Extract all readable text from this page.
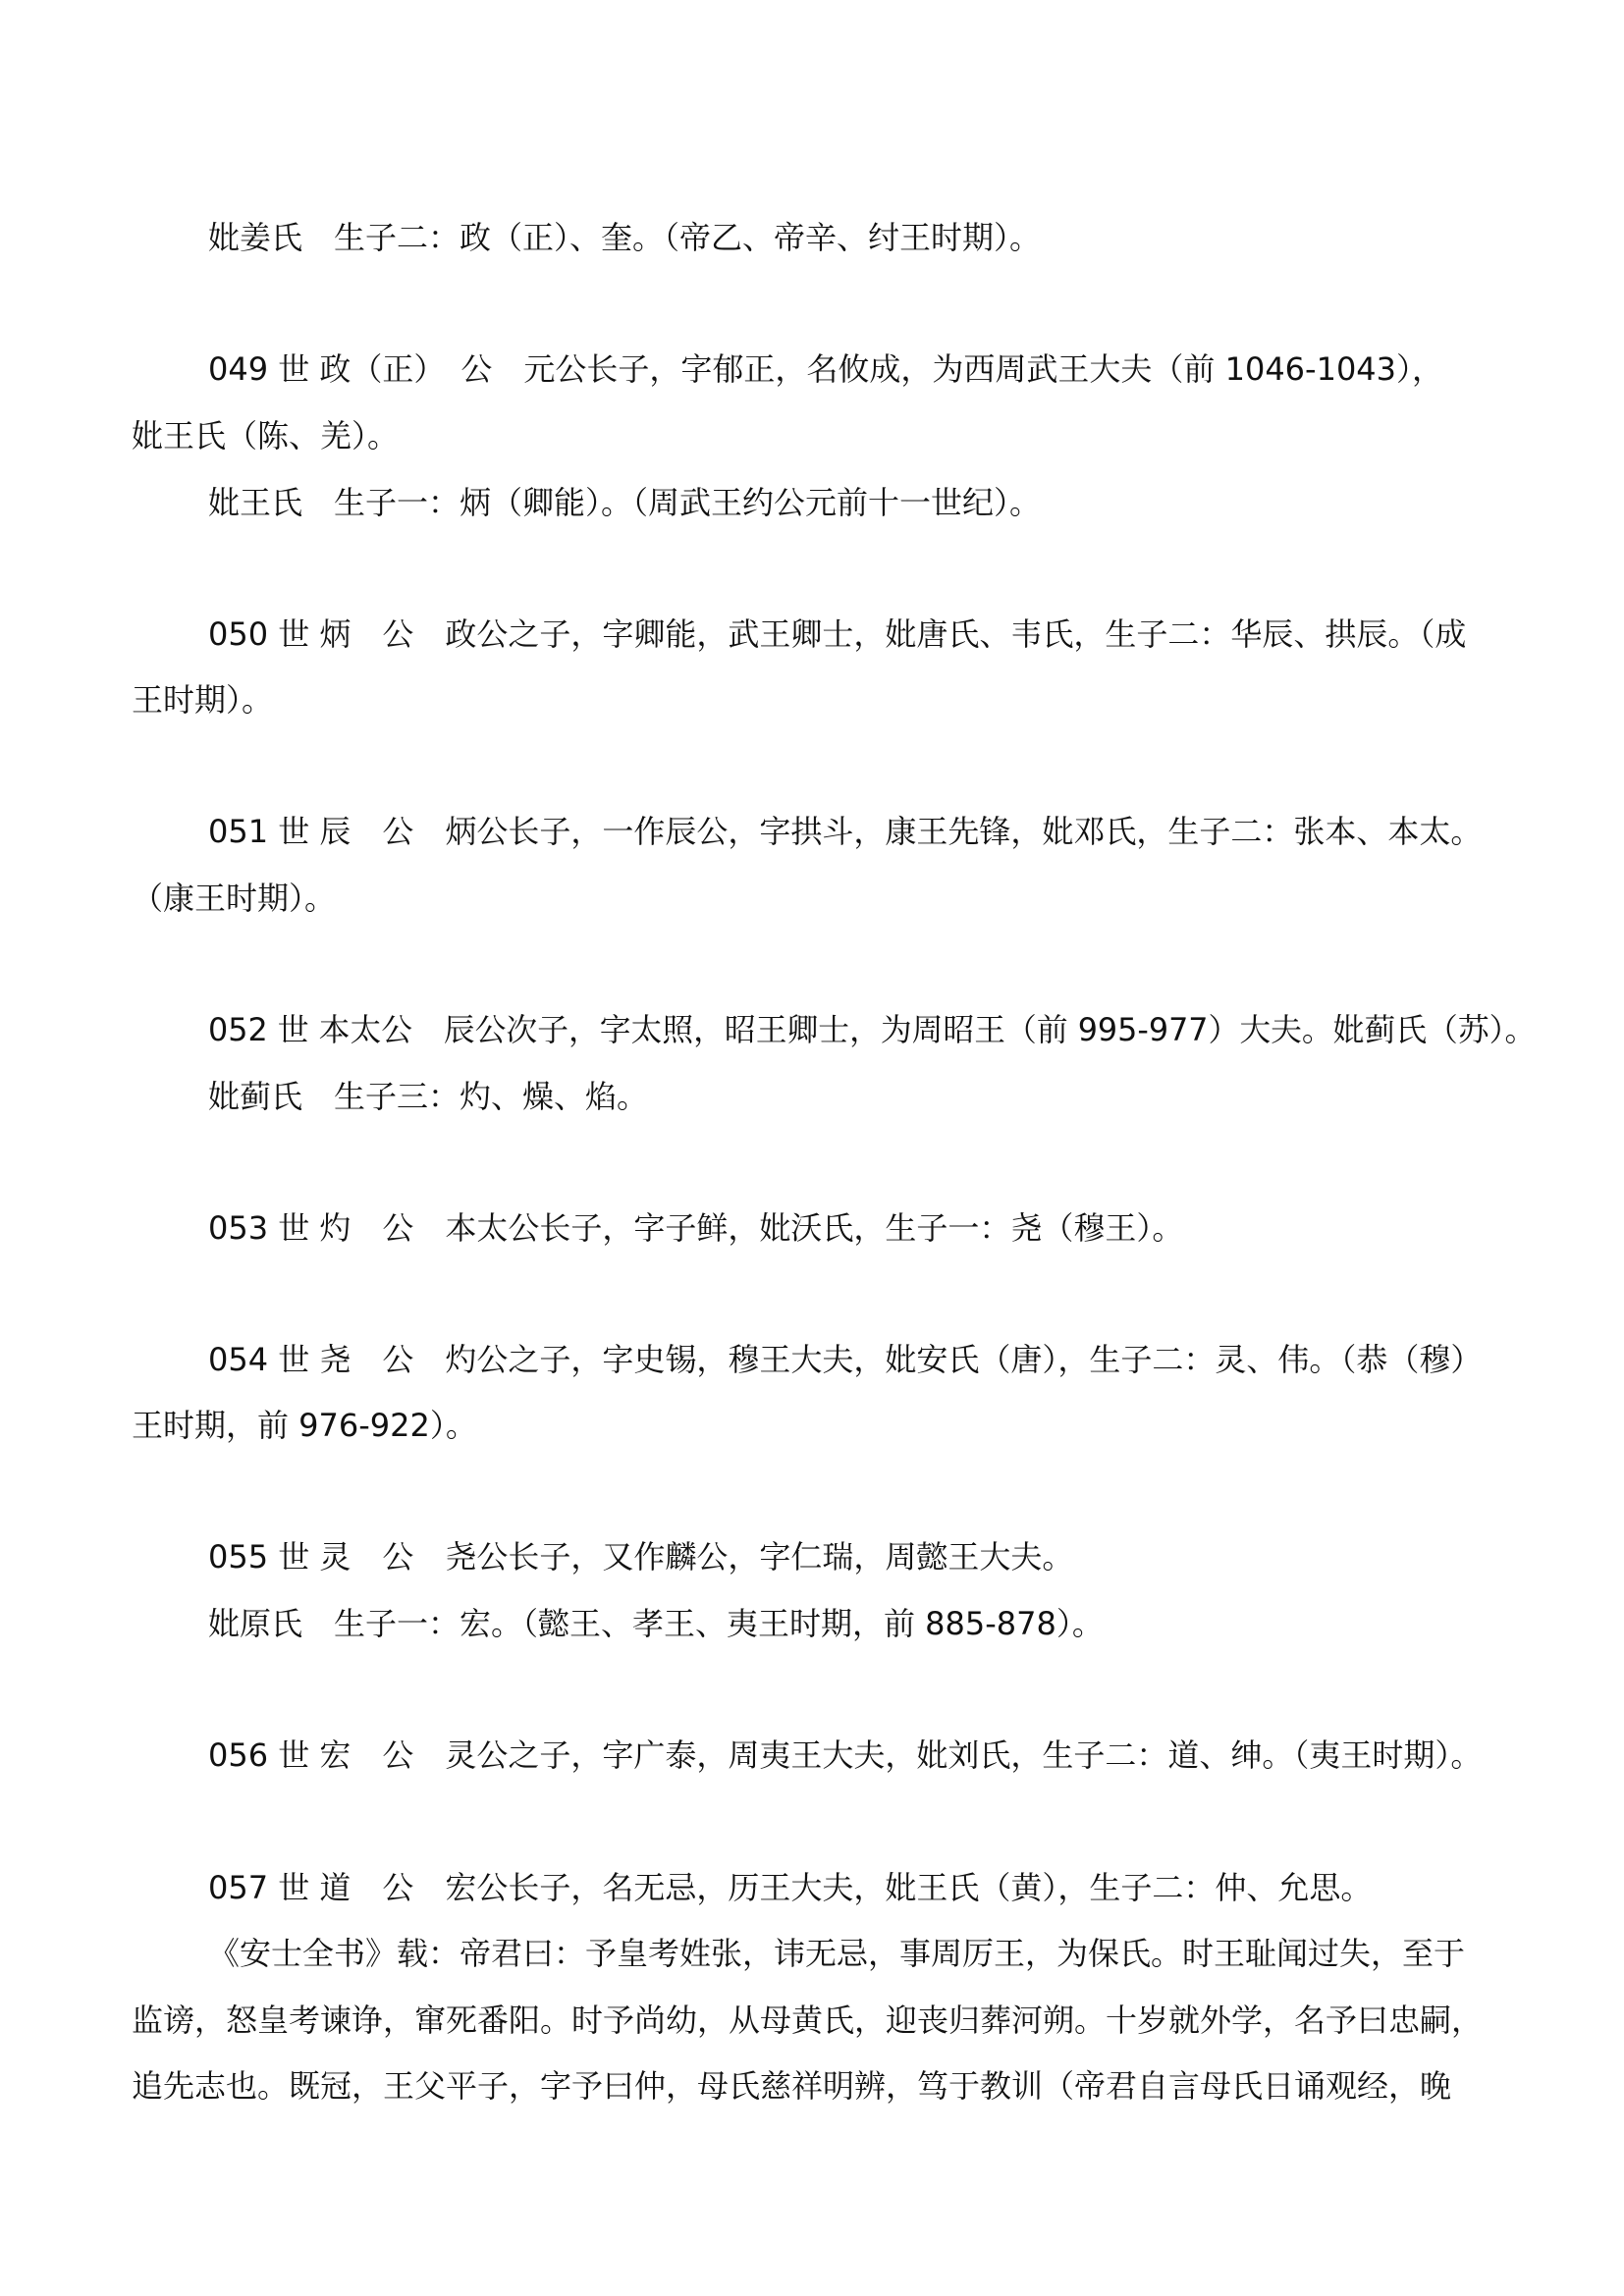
妣姜氏　生子二：政（正）、奎。（帝乙、帝辛、纣王时期）。
049 世 政（正）　公　元公长子，字郁正，名攸成，为西周武王大夫（前 1046-1043），
妣王氏（陈、羌）。
妣王氏　生子一：炳（卿能）。（周武王约公元前十一世纪）。
050 世 炳　公　政公之子，字卿能，武王卿士，妣唐氏、韦氏，生子二：华辰、拱辰。（成
王时期）。
051 世 辰　公　炳公长子，一作辰公，字拱斗，康王先锋，妣邓氏，生子二：张本、本太。
（康王时期）。
052 世 本太公　辰公次子，字太照，昭王卿士，为周昭王（前 995-977）大夫。妣蓟氏（苏）。
妣蓟氏　生子三：灼、燥、焰。
053 世 灼　公　本太公长子，字子鲜，妣沃氏，生子一：尧（穆王）。
054 世 尧　公　灼公之子，字史锡，穆王大夫，妣安氏（唐），生子二：灵、伟。（恭（穆）
王时期，前 976-922）。
055 世 灵　公　尧公长子，又作麟公，字仁瑞，周懿王大夫。
妣原氏　生子一：宏。（懿王、孝王、夷王时期，前 885-878）。
056 世 宏　公　灵公之子，字广泰，周夷王大夫，妣刘氏，生子二：道、绅。（夷王时期）。
057 世 道　公　宏公长子，名无忌，历王大夫，妣王氏（黄），生子二：仲、允思。
《安士全书》载：帝君曰：予皇考姓张，讳无忌，事周厉王，为保氏。时王耻闻过失，至于
监谤，怒皇考谏诤，窜死番阳。时予尚幼，从母黄氏，迎丧归葬河朔。十岁就外学，名予曰忠嗣，
追先志也。既冠，王父平子，字予曰仲，母氏慈祥明辨，笃于教训（帝君自言母氏日诵观经，晚
